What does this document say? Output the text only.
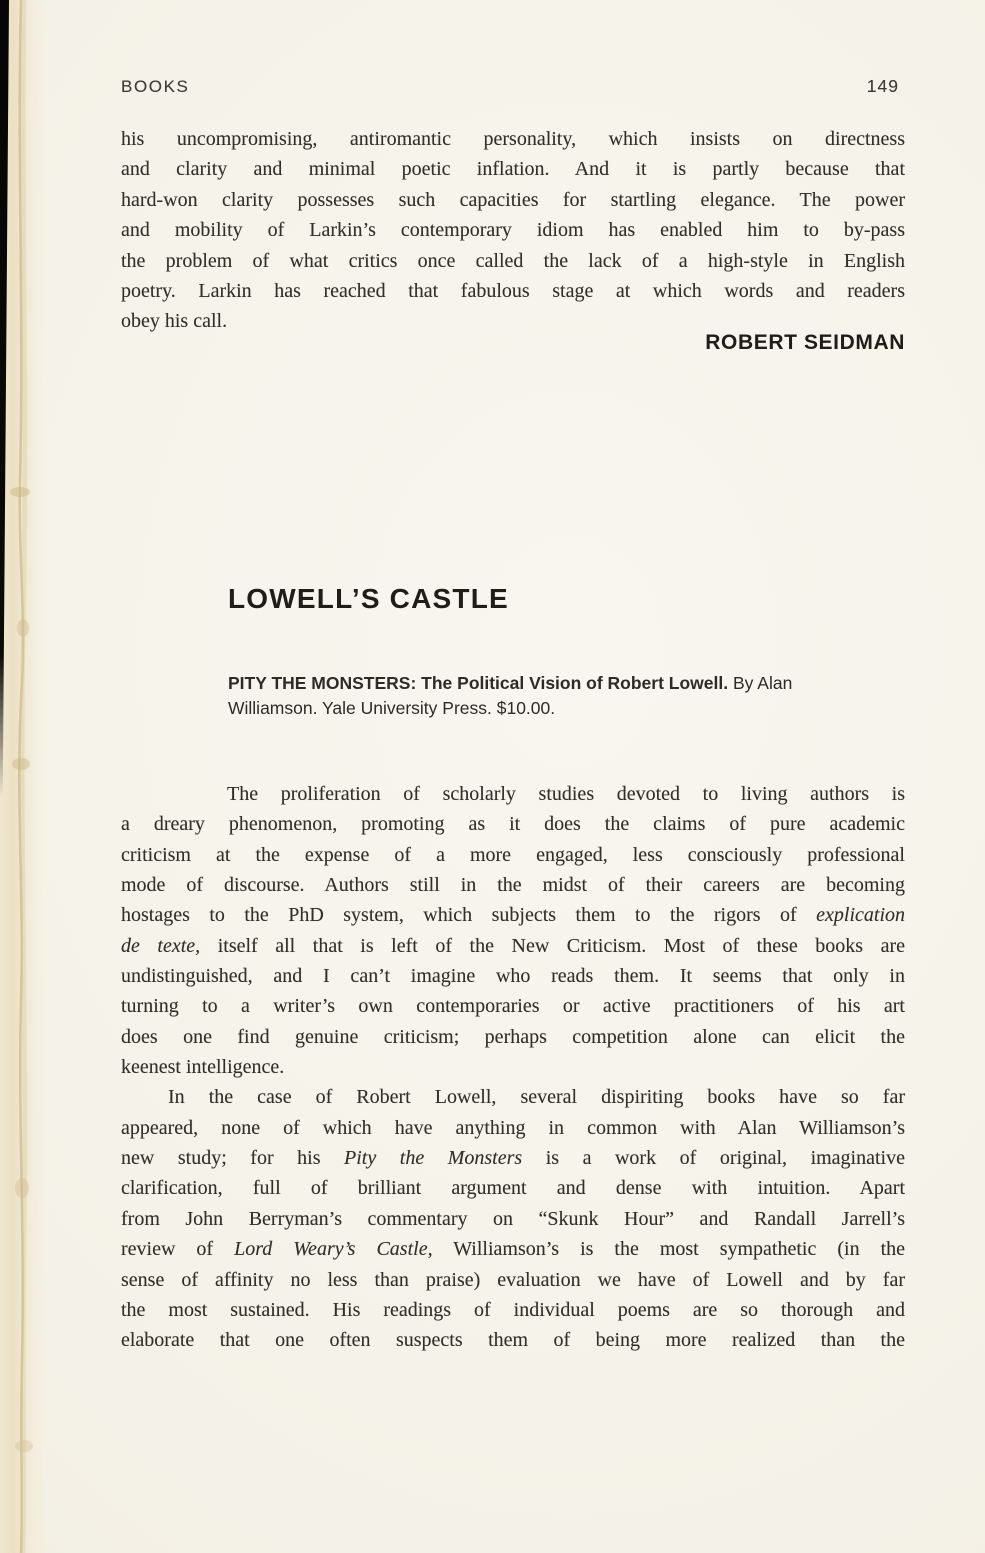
BOOKS	149
his uncompromising, antiromantic personality, which insists on directness
and clarity and minimal poetic inflation. And it is partly because that
hard-won clarity possesses such capacities for startling elegance. The power
and mobility of Larkin’s contemporary idiom has enabled him to by-pass
the problem of what critics once called the lack of a high-style in English
poetry. Larkin has reached that fabulous stage at which words and readers
obey his call.
ROBERT SEIDMAN
LOWELL’S CASTLE
PITY THE MONSTERS: The Political Vision of Robert Lowell. By Alan
Williamson. Yale University Press. $10.00.
The proliferation of scholarly studies devoted to living authors is
a dreary phenomenon, promoting as it does the claims of pure academic
criticism at the expense of a more engaged, less consciously professional
mode of discourse. Authors still in the midst of their careers are becoming
hostages to the PhD system, which subjects them to the rigors of explication
de texte, itself all that is left of the New Criticism. Most of these books are
undistinguished, and I can’t imagine who reads them. It seems that only in
turning to a writer’s own contemporaries or active practitioners of his art
does one find genuine criticism; perhaps competition alone can elicit the
keenest intelligence.
In the case of Robert Lowell, several dispiriting books have so far
appeared, none of which have anything in common with Alan Williamson’s
new study; for his Pity the Monsters is a work of original, imaginative
clarification, full of brilliant argument and dense with intuition. Apart
from John Berryman’s commentary on “Skunk Hour” and Randall Jarrell’s
review of Lord Weary’s Castle, Williamson’s is the most sympathetic (in the
sense of affinity no less than praise) evaluation we have of Lowell and by far
the most sustained. His readings of individual poems are so thorough and
elaborate that one often suspects them of being more realized than the
